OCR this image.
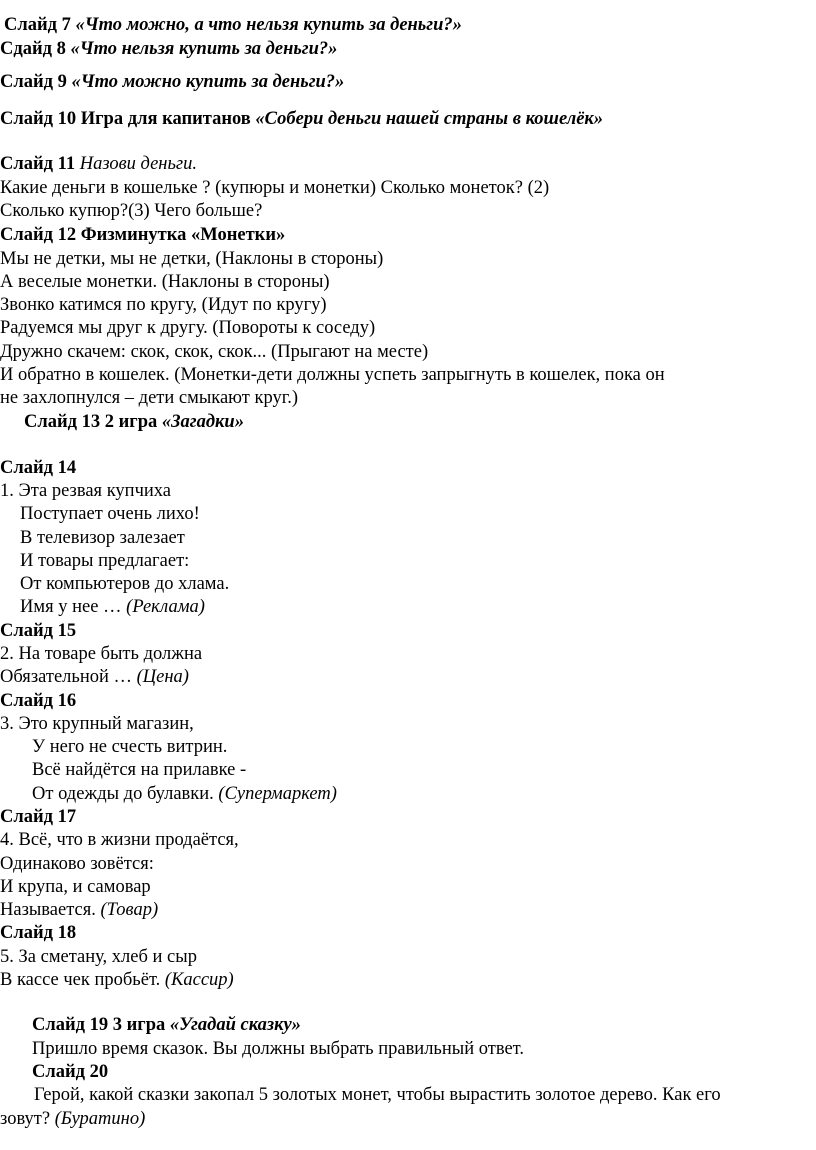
Слайд 7 «Что можно, а что нельзя купить за деньги?»
Сдайд 8 «Что нельзя купить за деньги?»
Слайд 9 «Что можно купить за деньги?»
Слайд 10 Игра для капитанов «Собери деньги нашей страны в кошелёк»
Слайд 11 Назови деньги.
Какие деньги в кошельке ? (купюры и монетки) Сколько монеток? (2)
Сколько купюр?(3) Чего больше?
Слайд 12 Физминутка «Монетки»
Мы не детки, мы не детки, (Наклоны в стороны)
А веселые монетки. (Наклоны в стороны)
Звонко катимся по кругу, (Идут по кругу)
Радуемся мы друг к другу. (Повороты к соседу)
Дружно скачем: скок, скок, скок... (Прыгают на месте)
И обратно в кошелек. (Монетки-дети должны успеть запрыгнуть в кошелек, пока он
не захлопнулся – дети смыкают круг.)
Слайд 13 2 игра «Загадки»
Слайд 14
1. Эта резвая купчиха
Поступает очень лихо!
В телевизор залезает
И товары предлагает:
От компьютеров до хлама.
Имя у нее … (Реклама)
Слайд 15
2. На товаре быть должна
Обязательной … (Цена)
Слайд 16
3. Это крупный магазин,
У него не счесть витрин.
Всё найдётся на прилавке -
От одежды до булавки. (Супермаркет)
Слайд 17
4. Всё, что в жизни продаётся,
Одинаково зовётся:
И крупа, и самовар
Называется. (Товар)
Слайд 18
5. За сметану, хлеб и сыр
В кассе чек пробьёт. (Кассир)
Слайд 19 3 игра «Угадай сказку»
Пришло время сказок. Вы должны выбрать правильный ответ.
Слайд 20
Герой, какой сказки закопал 5 золотых монет, чтобы вырастить золотое дерево. Как его
зовут? (Буратино)
